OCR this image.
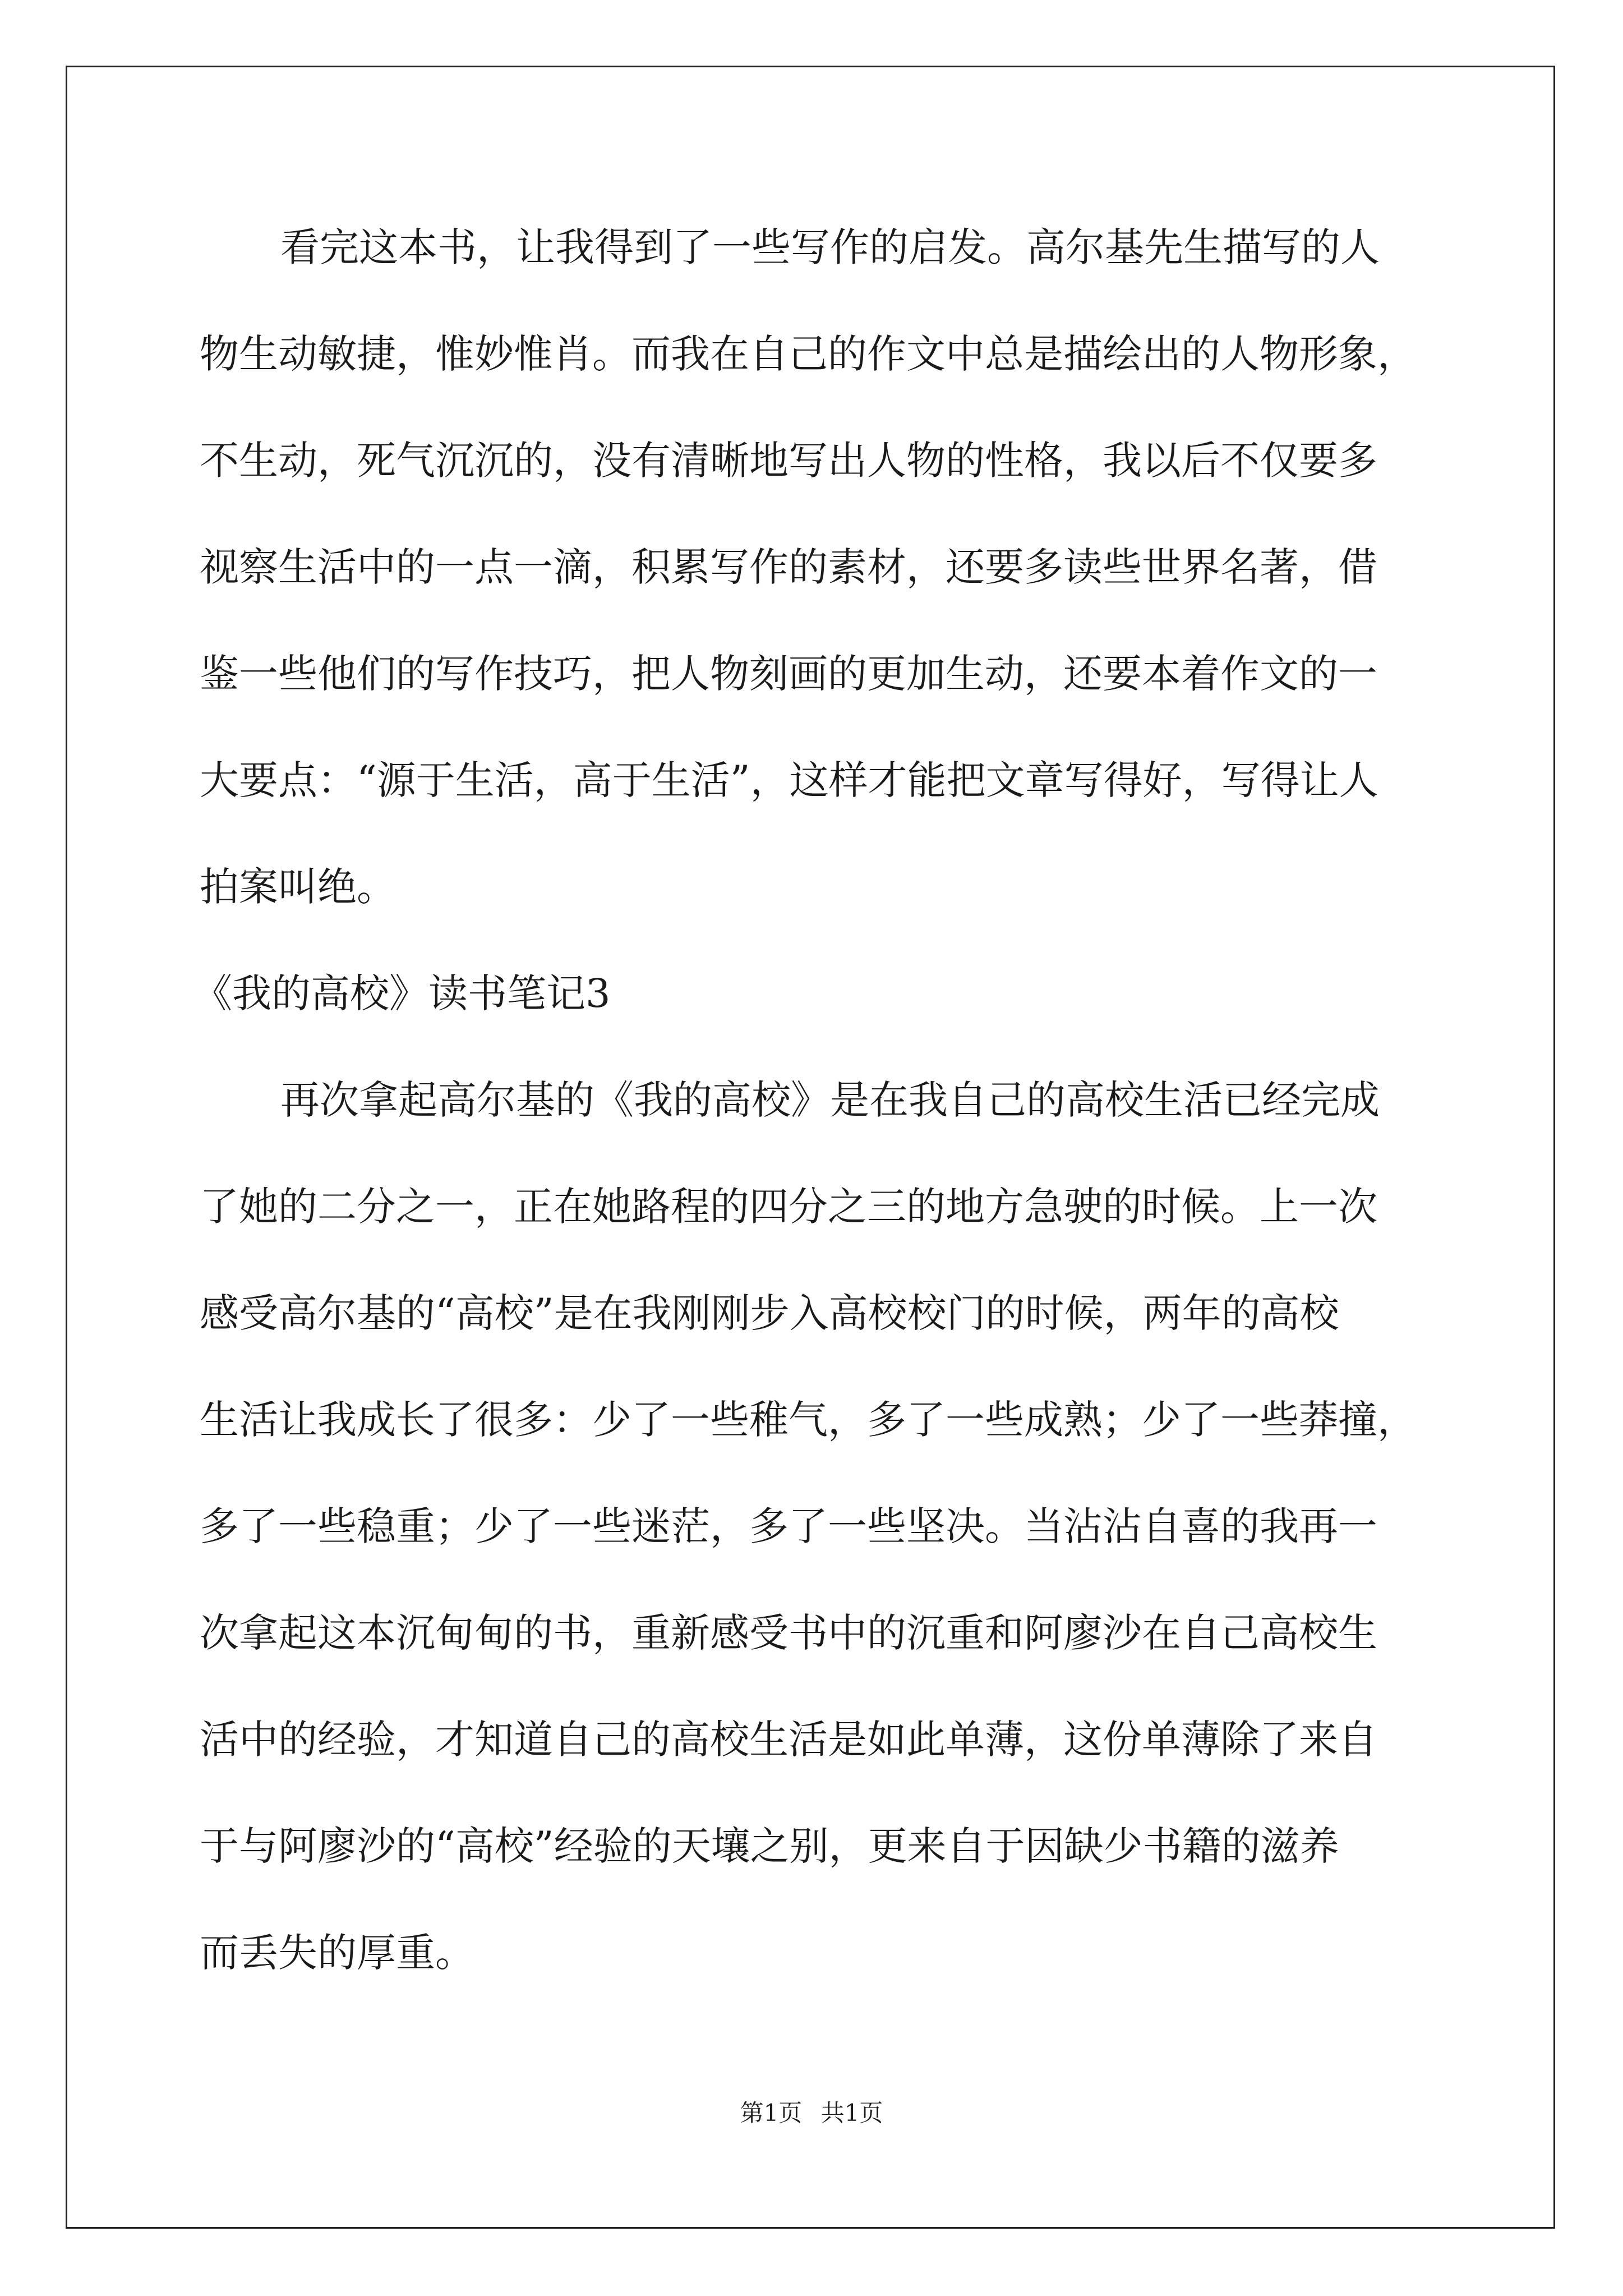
看完这本书，让我得到了一些写作的启发。高尔基先生描写的人
物生动敏捷，惟妙惟肖。而我在自己的作文中总是描绘出的人物形象，
不生动，死气沉沉的，没有清晰地写出人物的性格，我以后不仅要多
视察生活中的一点一滴，积累写作的素材，还要多读些世界名著，借
鉴一些他们的写作技巧，把人物刻画的更加生动，还要本着作文的一
大要点：“源于生活，高于生活”，这样才能把文章写得好，写得让人
拍案叫绝。
《我的高校》读书笔记3
再次拿起高尔基的《我的高校》是在我自己的高校生活已经完成
了她的二分之一，正在她路程的四分之三的地方急驶的时候。上一次
感受高尔基的“高校”是在我刚刚步入高校校门的时候，两年的高校
生活让我成长了很多：少了一些稚气，多了一些成熟；少了一些莽撞，
多了一些稳重；少了一些迷茫，多了一些坚决。当沾沾自喜的我再一
次拿起这本沉甸甸的书，重新感受书中的沉重和阿廖沙在自己高校生
活中的经验，才知道自己的高校生活是如此单薄，这份单薄除了来自
于与阿廖沙的“高校”经验的天壤之别，更来自于因缺少书籍的滋养
而丢失的厚重。
第1页 共1页
